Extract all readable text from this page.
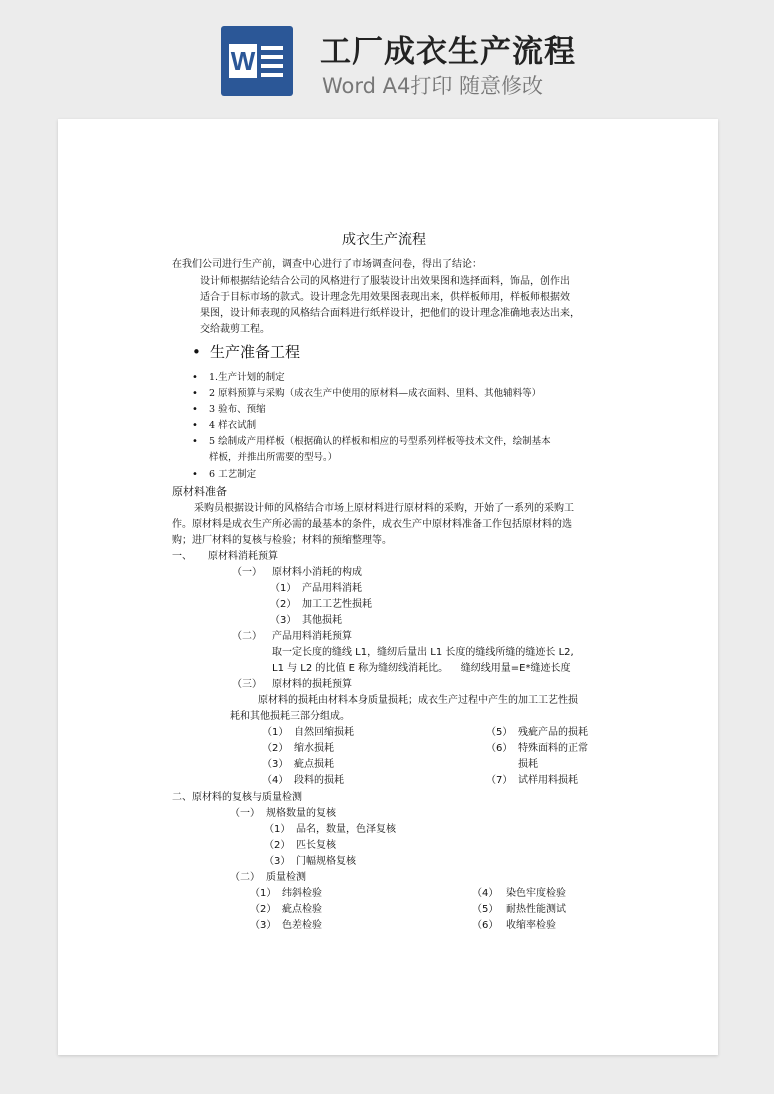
W 工厂成衣生产流程
Word A4打印 随意修改
成衣生产流程
在我们公司进行生产前，调查中心进行了市场调查问卷，得出了结论：
设计师根据结论结合公司的风格进行了服装设计出效果图和选择面料，饰品，创作出
适合于目标市场的款式。设计理念先用效果图表现出来，供样板师用，样板师根据效
果图，设计师表现的风格结合面料进行纸样设计，把他们的设计理念准确地表达出来，
交给裁剪工程。
• 生产准备工程
• 1.生产计划的制定
• 2 原料预算与采购（成衣生产中使用的原材料—成衣面料、里料、其他辅料等）
• 3 验布、预缩
• 4 样衣试制
• 5 绘制成产用样板（根据确认的样板和相应的号型系列样板等技术文件，绘制基本
样板，并推出所需要的型号。）
• 6 工艺制定
原材料准备
采购员根据设计师的风格结合市场上原材料进行原材料的采购，开始了一系列的采购工
作。原材料是成衣生产所必需的最基本的条件，成衣生产中原材料准备工作包括原材料的选
购；进厂材料的复核与检验；材料的预缩整理等。
一、 原材料消耗预算
（一） 原材料小消耗的构成
（1） 产品用料消耗
（2） 加工工艺性损耗
（3） 其他损耗
（二） 产品用料消耗预算
取一定长度的缝线 L1，缝纫后量出 L1 长度的缝线所缝的缝迹长 L2,
L1 与 L2 的比值 E 称为缝纫线消耗比。    缝纫线用量=E*缝迹长度
（三） 原材料的损耗预算
原材料的损耗由材料本身质量损耗；成衣生产过程中产生的加工工艺性损
耗和其他损耗三部分组成。
（1） 自然回缩损耗
（2） 缩水损耗
（3） 疵点损耗
（4） 段料的损耗
（5） 残疵产品的损耗
（6） 特殊面料的正常
损耗
（7） 试样用料损耗
二、原材料的复核与质量检测
（一） 规格数量的复核
（1） 品名，数量，色泽复核
（2） 匹长复核
（3） 门幅规格复核
（二） 质量检测
（1） 纬斜检验
（2） 疵点检验
（3） 色差检验
（4） 染色牢度检验
（5） 耐热性能测试
（6） 收缩率检验
